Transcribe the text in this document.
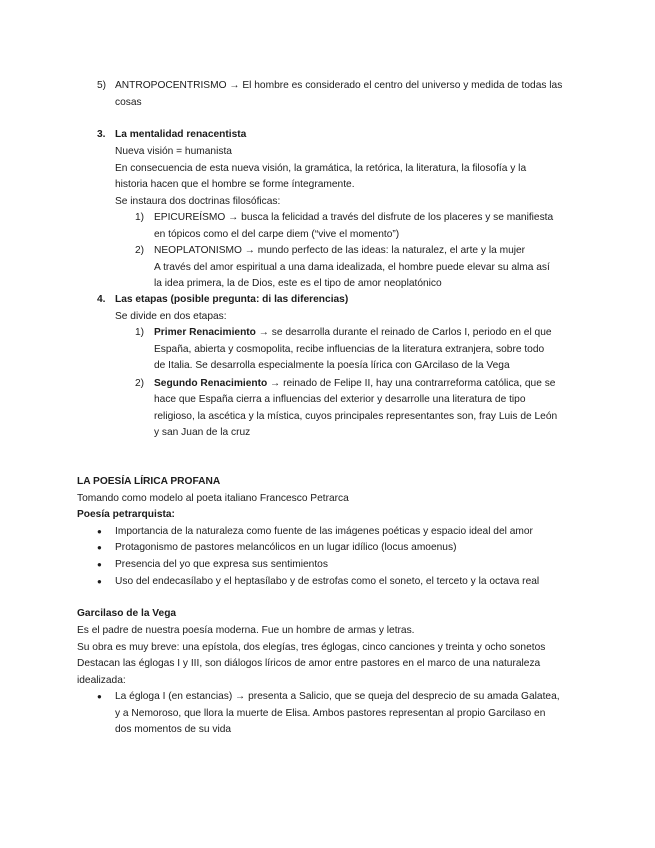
5) ANTROPOCENTRISMO → El hombre es considerado el centro del universo y medida de todas las
cosas
3. La mentalidad renacentista
Nueva visión = humanista
En consecuencia de esta nueva visión, la gramática, la retórica, la literatura, la filosofía y la
historia hacen que el hombre se forme íntegramente.
Se instaura dos doctrinas filosóficas:
1) EPICUREÍSMO → busca la felicidad a través del disfrute de los placeres y se manifiesta
en tópicos como el del carpe diem (“vive el momento”)
2) NEOPLATONISMO → mundo perfecto de las ideas: la naturalez, el arte y la mujer
A través del amor espiritual a una dama idealizada, el hombre puede elevar su alma así
la idea primera, la de Dios, este es el tipo de amor neoplatónico
4. Las etapas (posible pregunta: di las diferencias)
Se divide en dos etapas:
1) Primer Renacimiento → se desarrolla durante el reinado de Carlos I, periodo en el que
España, abierta y cosmopolita, recibe influencias de la literatura extranjera, sobre todo
de Italia. Se desarrolla especialmente la poesía lírica con GArcilaso de la Vega
2) Segundo Renacimiento → reinado de Felipe II, hay una contrarreforma católica, que se
hace que España cierra a influencias del exterior y desarrolle una literatura de tipo
religioso, la ascética y la mística, cuyos principales representantes son, fray Luis de León
y san Juan de la cruz
LA POESÍA LÍRICA PROFANA
Tomando como modelo al poeta italiano Francesco Petrarca
Poesía petrarquista:
● Importancia de la naturaleza como fuente de las imágenes poéticas y espacio ideal del amor
● Protagonismo de pastores melancólicos en un lugar idílico (locus amoenus)
● Presencia del yo que expresa sus sentimientos
● Uso del endecasílabo y el heptasílabo y de estrofas como el soneto, el terceto y la octava real
Garcilaso de la Vega
Es el padre de nuestra poesía moderna. Fue un hombre de armas y letras.
Su obra es muy breve: una epístola, dos elegías, tres églogas, cinco canciones y treinta y ocho sonetos
Destacan las églogas I y III, son diálogos líricos de amor entre pastores en el marco de una naturaleza
idealizada:
● La égloga I (en estancias) → presenta a Salicio, que se queja del desprecio de su amada Galatea,
y a Nemoroso, que llora la muerte de Elisa. Ambos pastores representan al propio Garcilaso en
dos momentos de su vida
